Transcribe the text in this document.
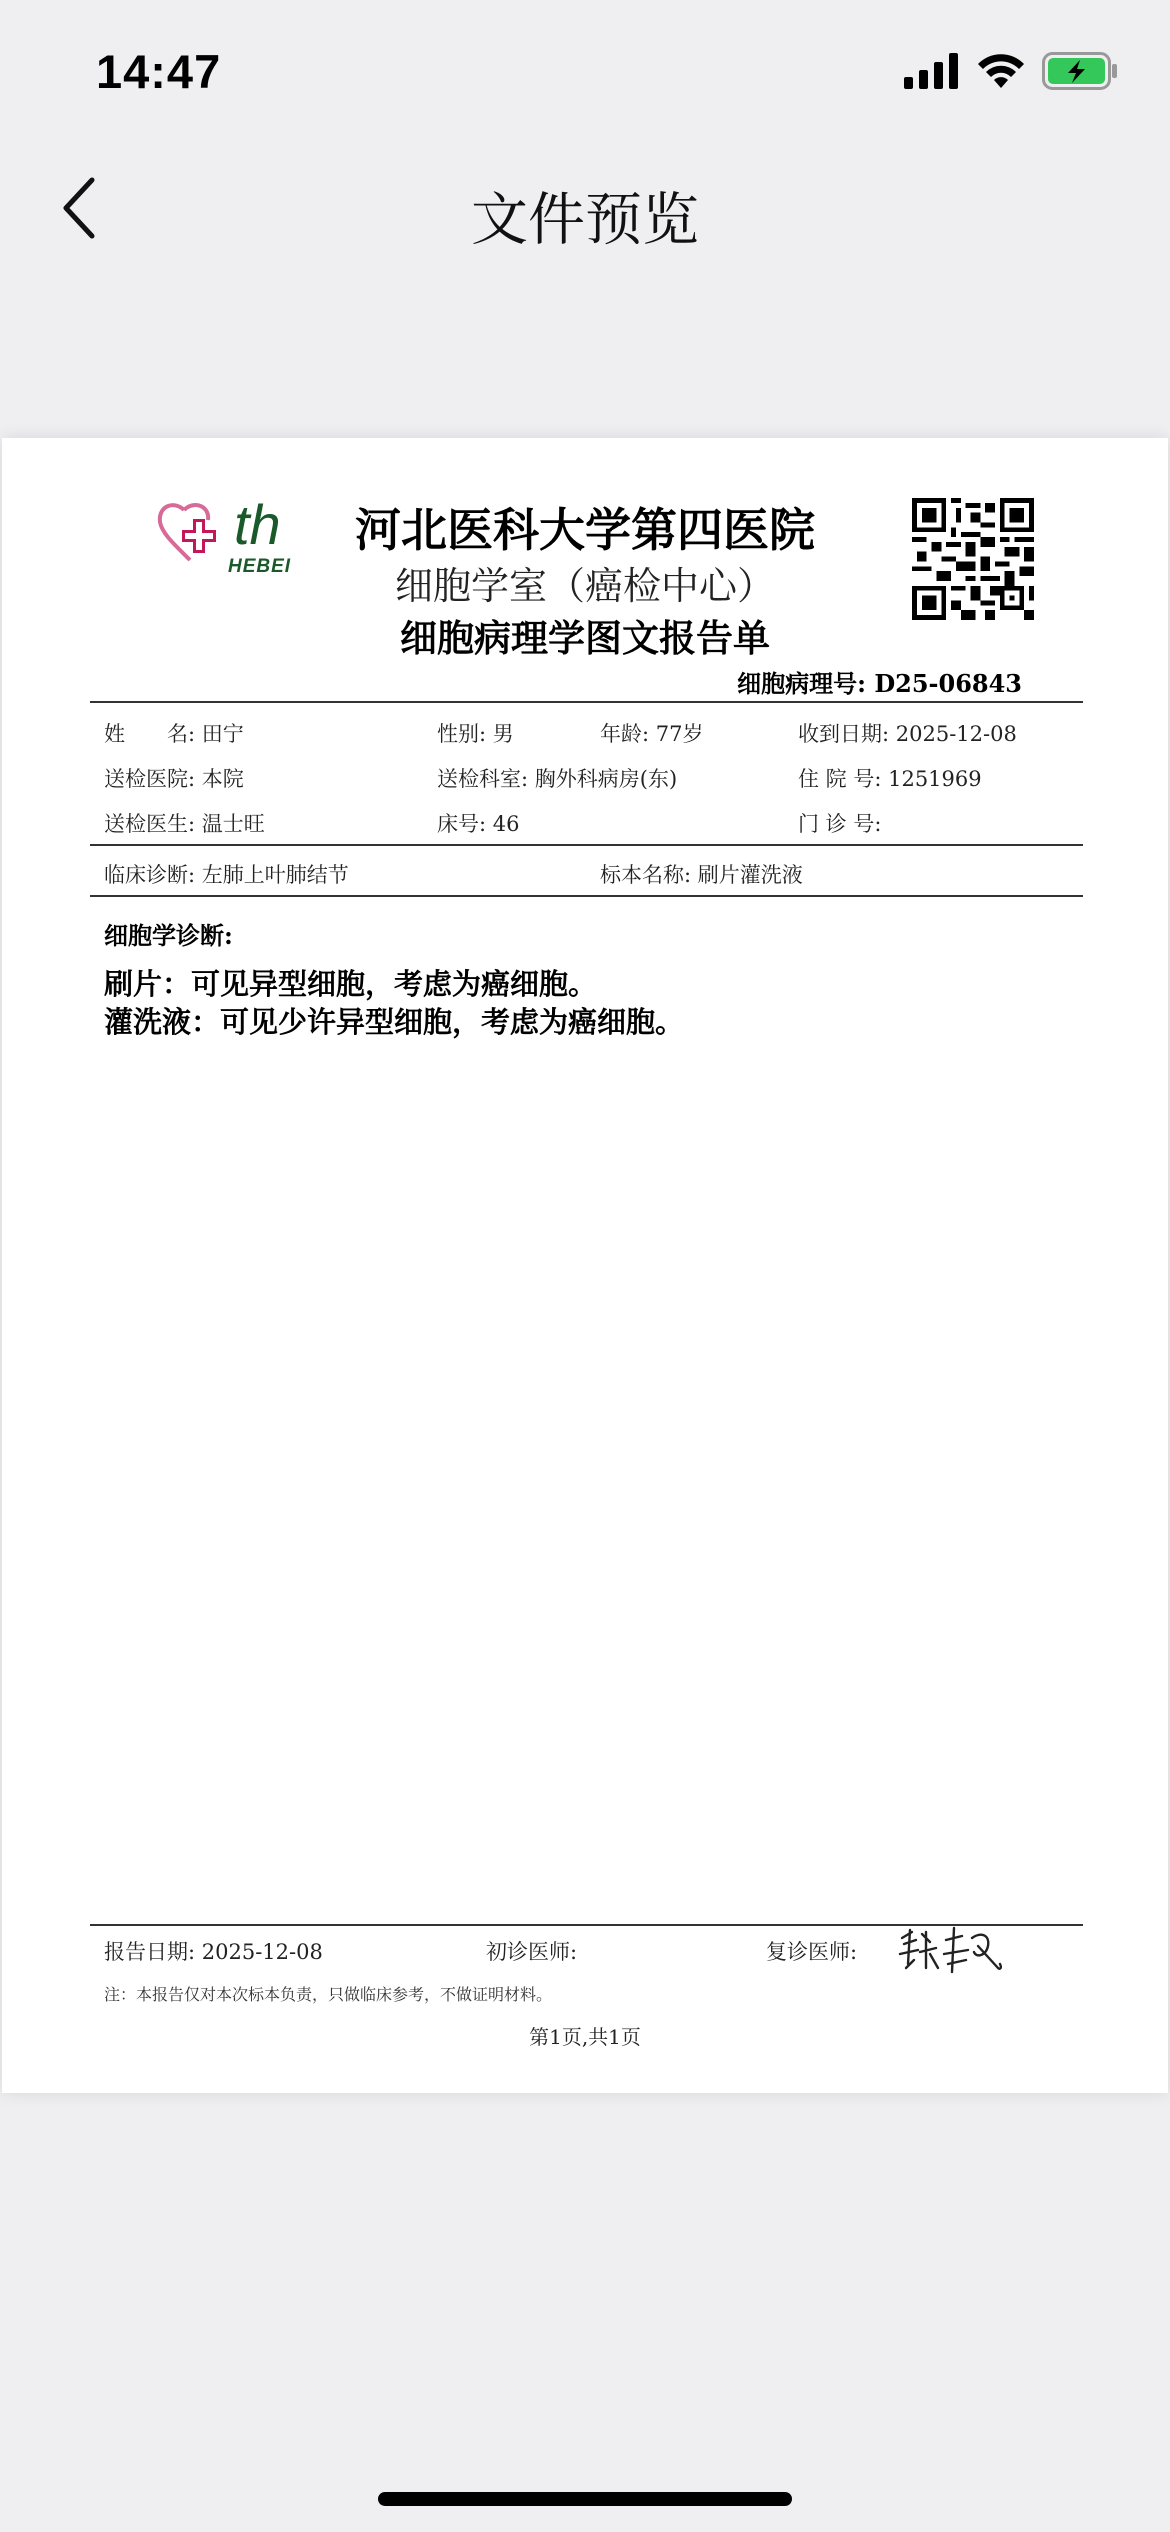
14:47
文件预览
th
HEBEI
河北医科大学第四医院
细胞学室（癌检中心）
细胞病理学图文报告单
细胞病理号: D25-06843
姓　　名: 田宁	性别: 男	年龄: 77岁	收到日期: 2025-12-08
送检医院: 本院	送检科室: 胸外科病房(东)	住 院 号: 1251969
送检医生: 温士旺	床号: 46	门 诊 号:
临床诊断: 左肺上叶肺结节	标本名称: 刷片灌洗液
细胞学诊断:
刷片：可见异型细胞，考虑为癌细胞。
灌洗液：可见少许异型细胞，考虑为癌细胞。
报告日期: 2025-12-08	初诊医师:	复诊医师:
注：本报告仅对本次标本负责，只做临床参考，不做证明材料。
第1页,共1页
